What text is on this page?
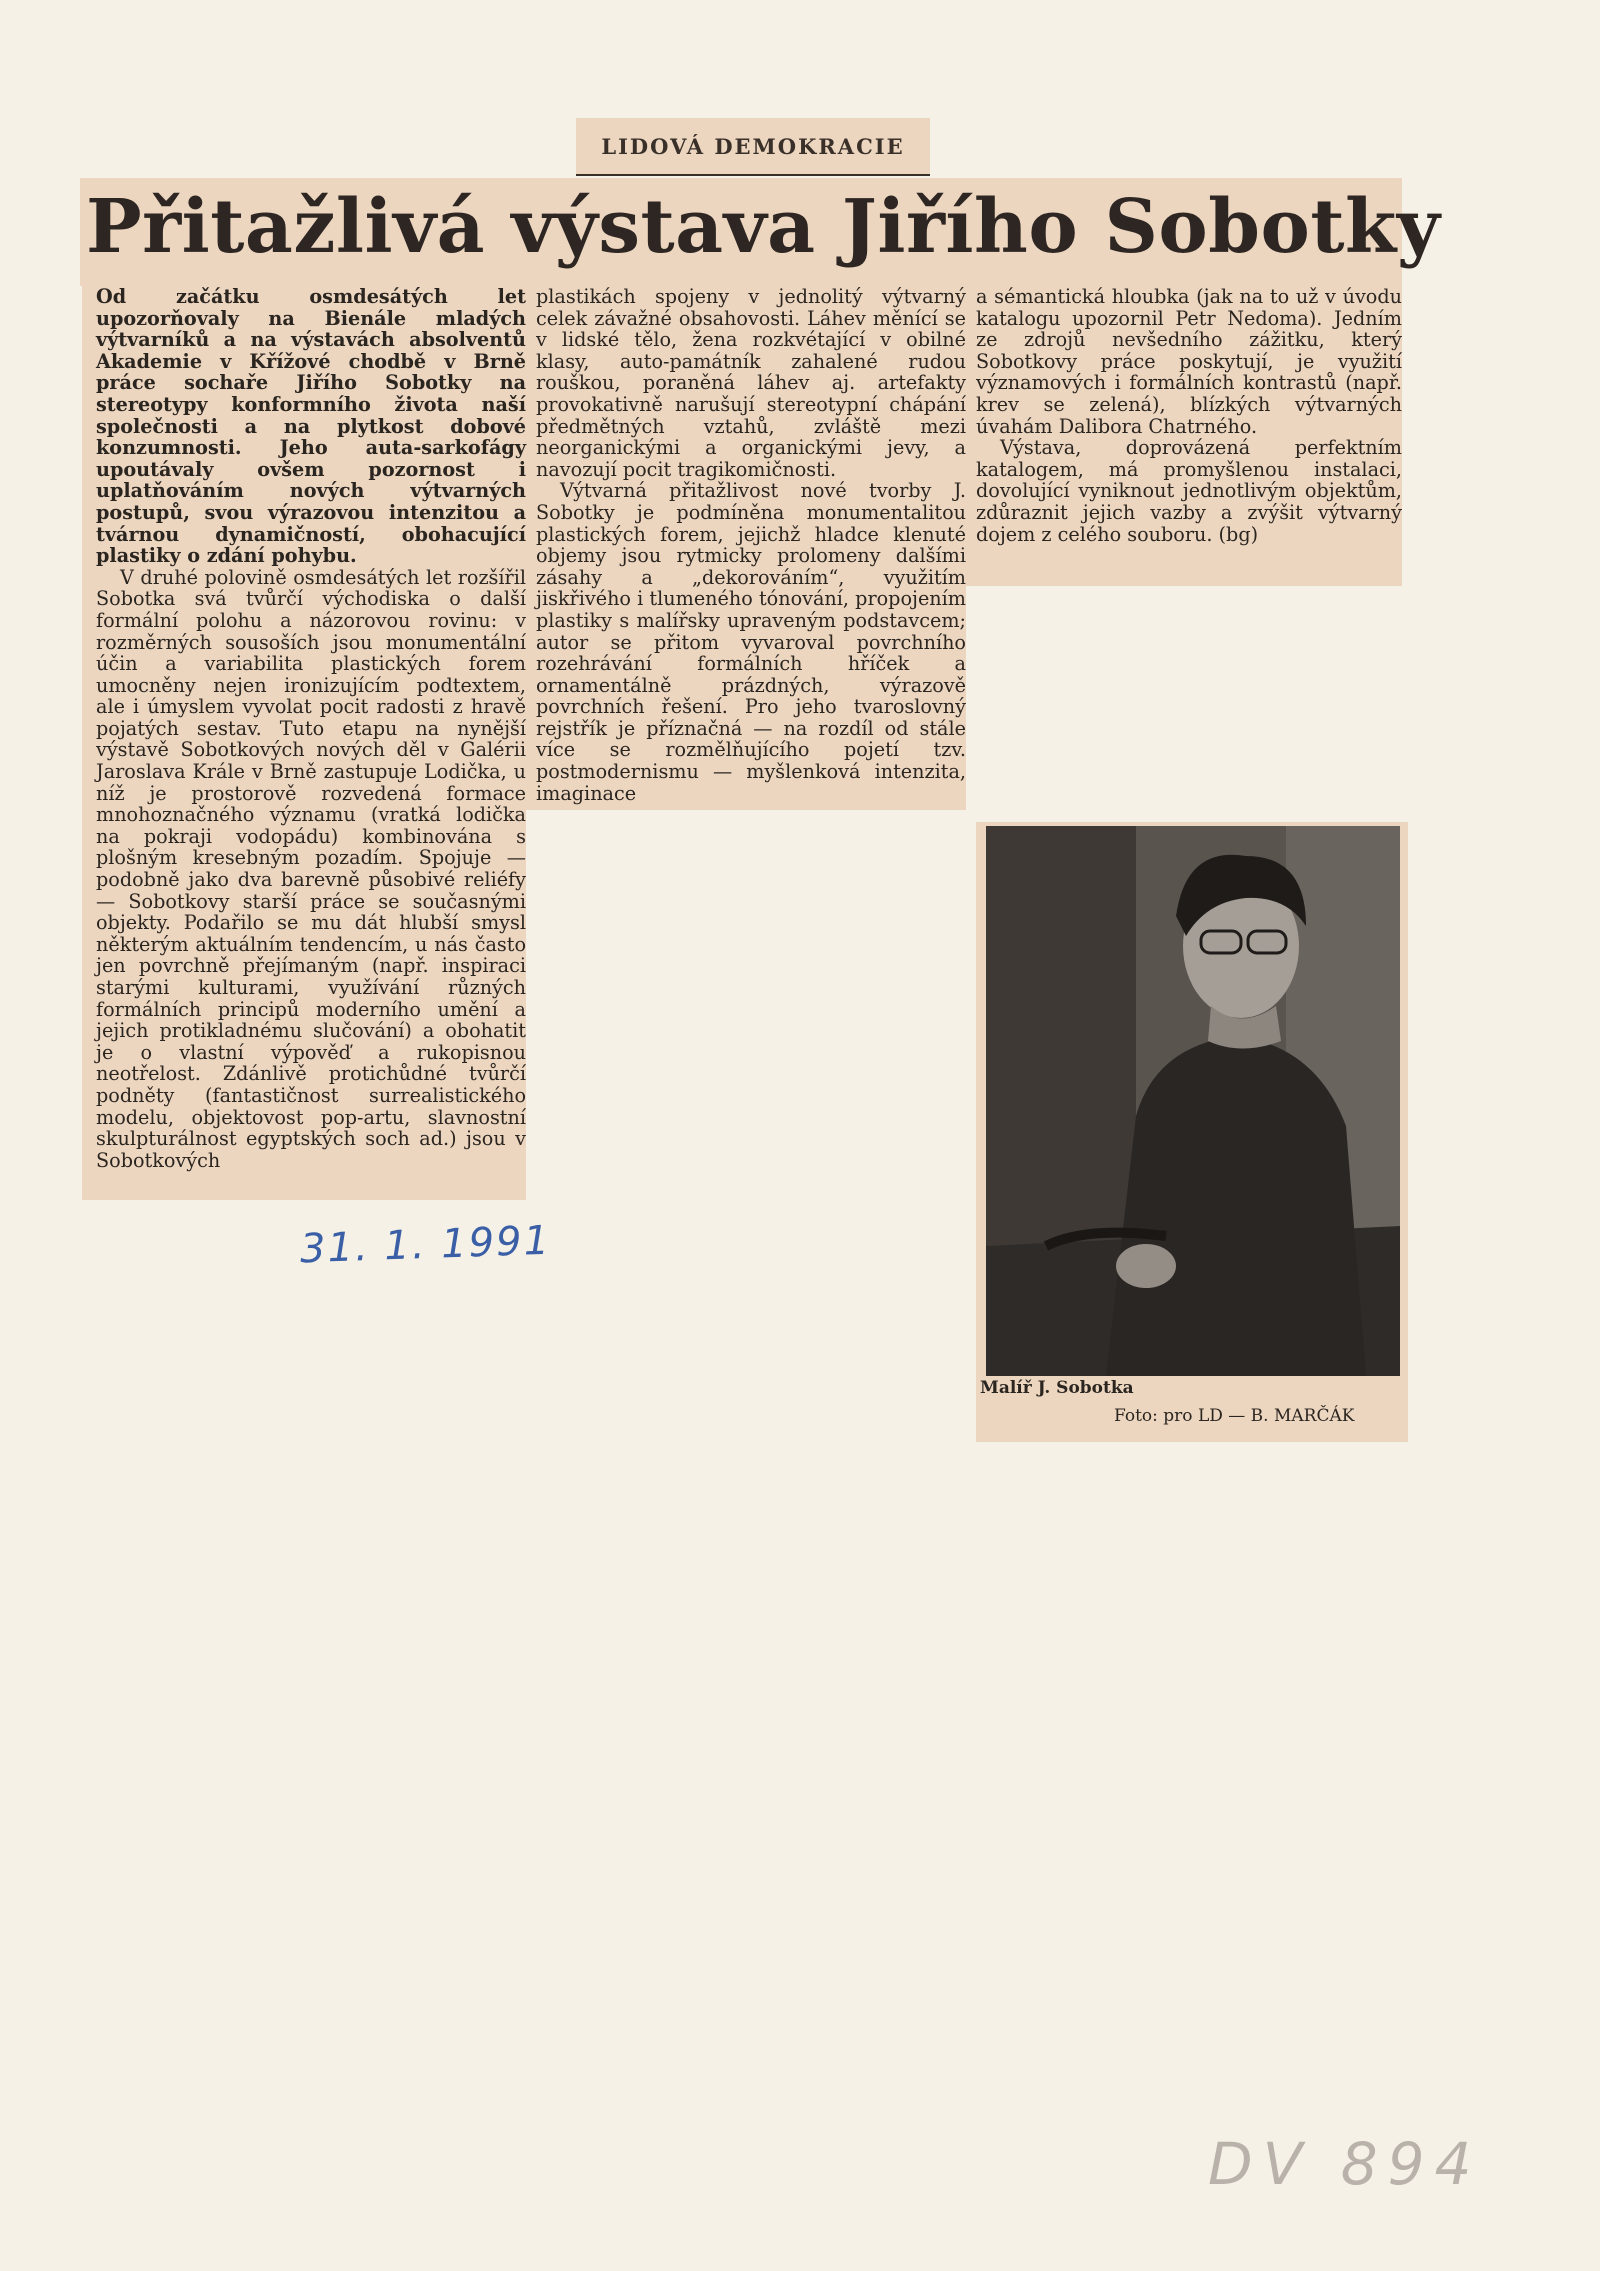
LIDOVÁ DEMOKRACIE
Přitažlivá výstava Jiřího Sobotky

Od začátku osmdesátých let upozorňovaly na Bienále mladých výtvarníků a na výstavách absolventů Akademie v Křížové chodbě v Brně práce sochaře Jiřího Sobotky na stereotypy konformního života naší společnosti a na plytkost dobové konzumnosti. Jeho auta-sarkofágy upoutávaly ovšem pozornost i uplatňováním nových výtvarných postupů, svou výrazovou intenzitou a tvárnou dynamičností, obohacující plastiky o zdání pohybu.

V druhé polovině osmdesátých let rozšířil Sobotka svá tvůrčí východiska o další formální polohu a názorovou rovinu: v rozměrných sousoších jsou monumentální účin a variabilita plastických forem umocněny nejen ironizujícím podtextem, ale i úmyslem vyvolat pocit radosti z hravě pojatých sestav. Tuto etapu na nynější výstavě Sobotkových nových děl v Galérii Jaroslava Krále v Brně zastupuje Lodička, u níž je prostorově rozvedená formace mnohoznačného významu (vratká lodička na pokraji vodopádu) kombinována s plošným kresebným pozadím. Spojuje — podobně jako dva barevně působivé reliéfy — Sobotkovy starší práce se současnými objekty. Podařilo se mu dát hlubší smysl některým aktuálním tendencím, u nás často jen povrchně přejímaným (např. inspiraci starými kulturami, využívání různých formálních principů moderního umění a jejich protikladnému slučování) a obohatit je o vlastní výpověď a rukopisnou neotřelost. Zdánlivě protichůdné tvůrčí podněty (fantastičnost surrealistického modelu, objektovost pop-artu, slavnostní skulpturálnost egyptských soch ad.) jsou v Sobotkových

plastikách spojeny v jednolitý výtvarný celek závažné obsahovosti. Láhev měnící se v lidské tělo, žena rozkvétající v obilné klasy, auto-památník zahalené rudou rouškou, poraněná láhev aj. artefakty provokativně narušují stereotypní chápání předmětných vztahů, zvláště mezi neorganickými a organickými jevy, a navozují pocit tragikomičnosti.

Výtvarná přitažlivost nové tvorby J. Sobotky je podmíněna monumentalitou plastických forem, jejichž hladce klenuté objemy jsou rytmicky prolomeny dalšími zásahy a „dekorováním“, využitím jiskřivého i tlumeného tónování, propojením plastiky s malířsky upraveným podstavcem; autor se přitom vyvaroval povrchního rozehrávání formálních hříček a ornamentálně prázdných, výrazově povrchních řešení. Pro jeho tvaroslovný rejstřík je příznačná — na rozdíl od stále více se rozmělňujícího pojetí tzv. postmodernismu — myšlenková intenzita, imaginace

a sémantická hloubka (jak na to už v úvodu katalogu upozornil Petr Nedoma). Jedním ze zdrojů nevšedního zážitku, který Sobotkovy práce poskytují, je využití významových i formálních kontrastů (např. krev se zelená), blízkých výtvarných úvahám Dalibora Chatrného.

Výstava, doprovázená perfektním katalogem, má promyšlenou instalaci, dovolující vyniknout jednotlivým objektům, zdůraznit jejich vazby a zvýšit výtvarný dojem z celého souboru. (bg)

Malíř J. Sobotka
Foto: pro LD — B. MARČÁK
31. 1. 1991
DV 894
